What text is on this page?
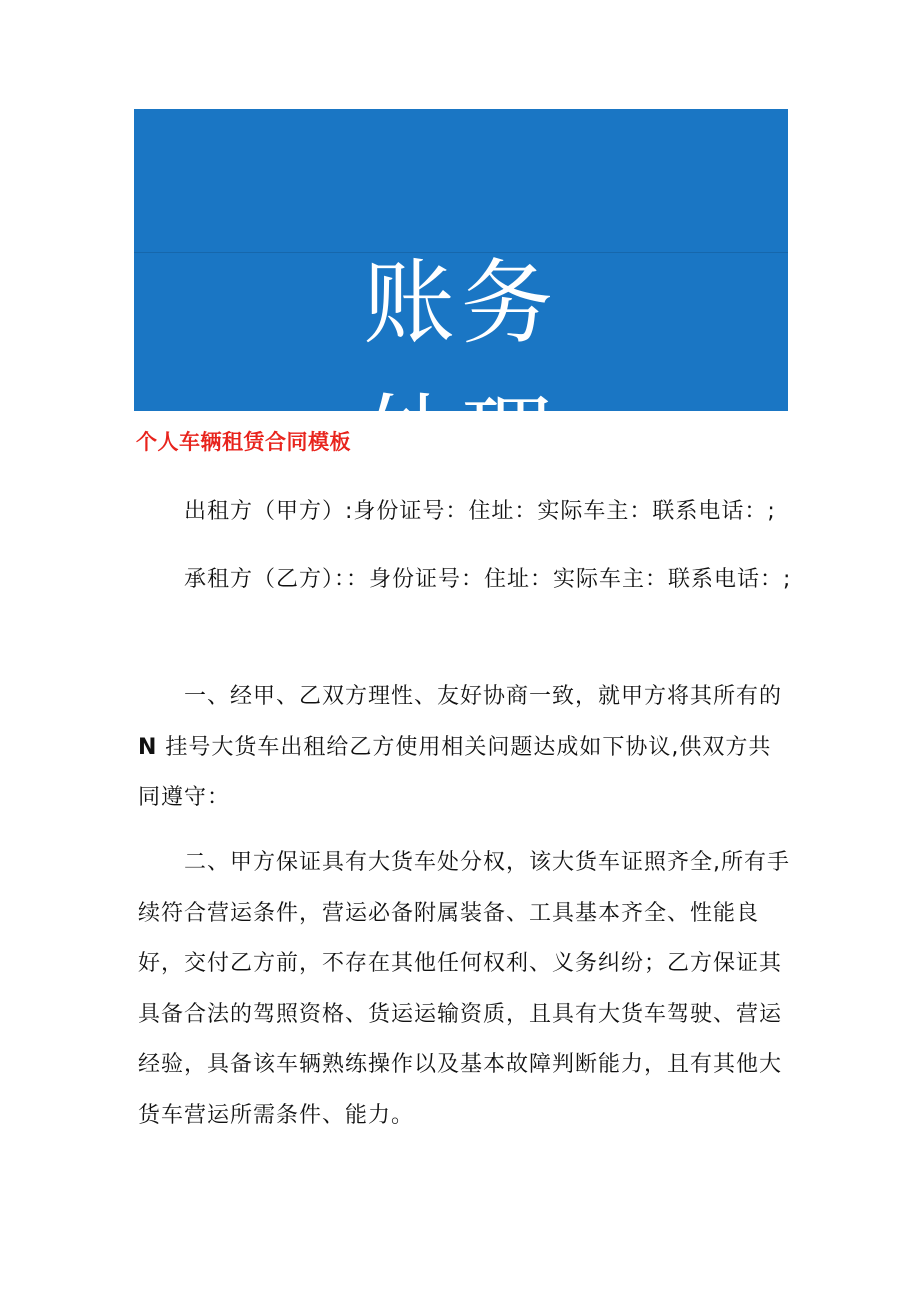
账务
处理
个人车辆租赁合同模板

出租方（甲方）:身份证号：住址：实际车主：联系电话：;

承租方（乙方）：：身份证号：住址：实际车主：联系电话：;

一、经甲、乙双方理性、友好协商一致，就甲方将其所有的N 挂号大货车出租给乙方使用相关问题达成如下协议,供双方共同遵守：

二、甲方保证具有大货车处分权，该大货车证照齐全,所有手续符合营运条件，营运必备附属装备、工具基本齐全、性能良好，交付乙方前，不存在其他任何权利、义务纠纷；乙方保证其具备合法的驾照资格、货运运输资质，且具有大货车驾驶、营运经验，具备该车辆熟练操作以及基本故障判断能力，且有其他大货车营运所需条件、能力。
